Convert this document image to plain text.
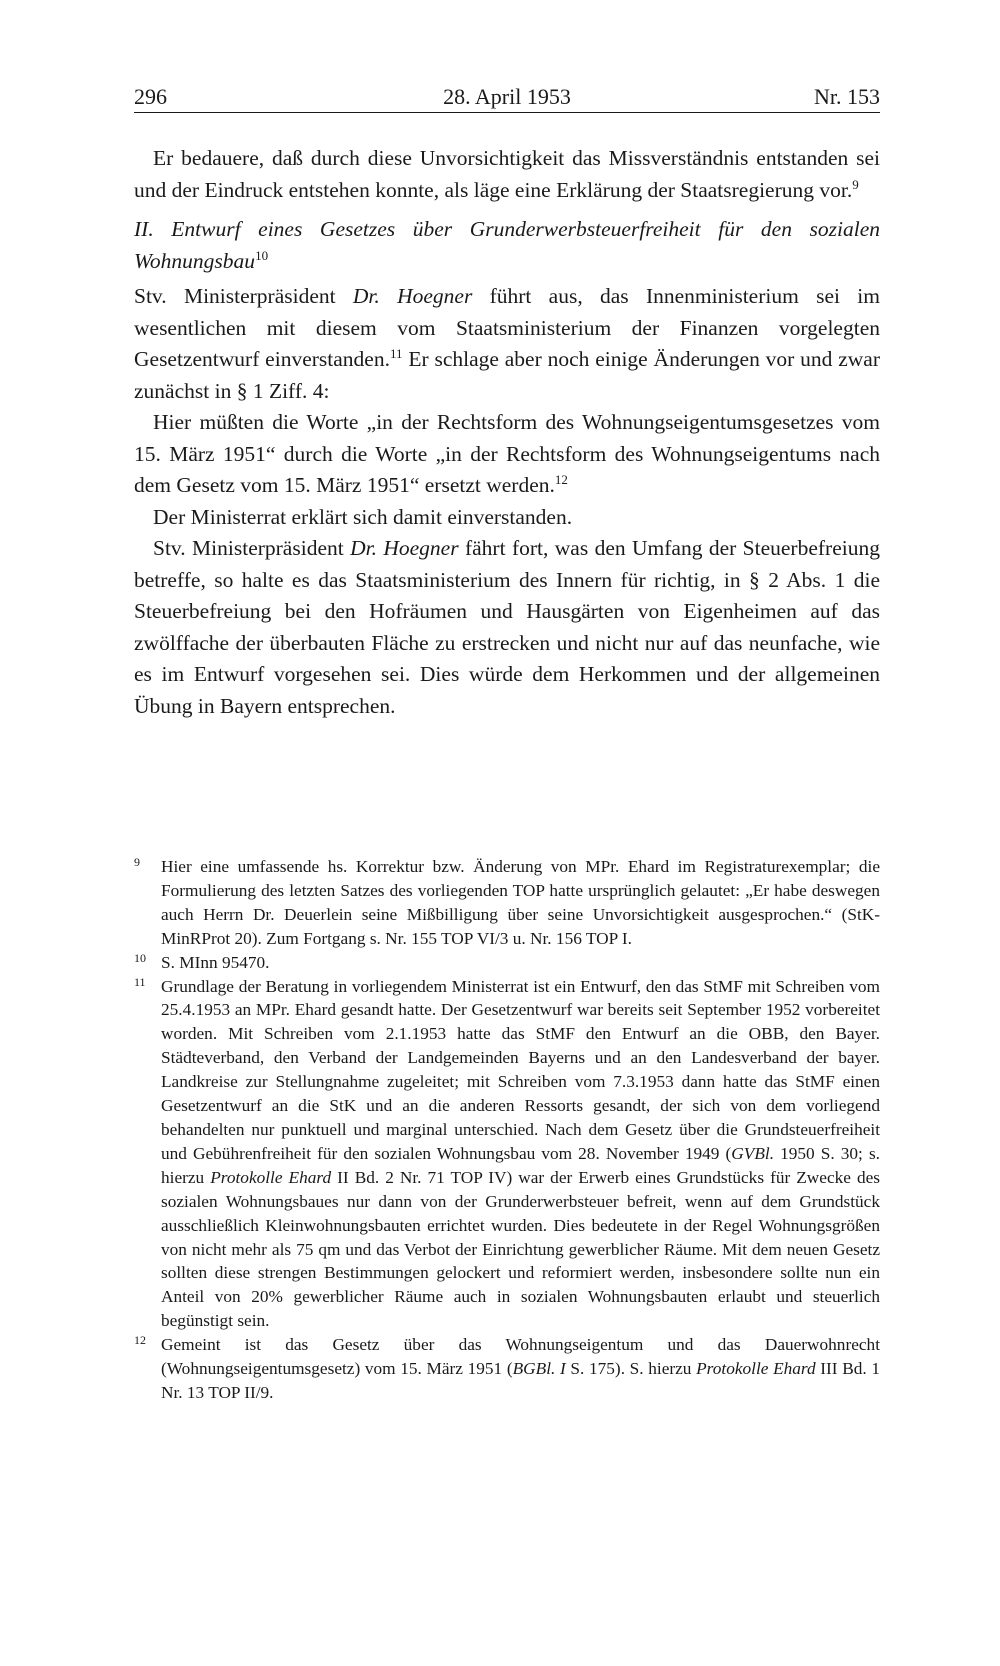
296	28. April 1953	Nr. 153

Er bedauere, daß durch diese Unvorsichtigkeit das Missverständnis entstanden sei und der Eindruck entstehen konnte, als läge eine Erklärung der Staatsregierung vor.$^9$

II. Entwurf eines Gesetzes über Grunderwerbsteuerfreiheit für den sozialen Wohnungsbau$^{10}$

Stv. Ministerpräsident Dr. Hoegner führt aus, das Innenministerium sei im wesentlichen mit diesem vom Staatsministerium der Finanzen vorgelegten Gesetzentwurf einverstanden.$^{11}$ Er schlage aber noch einige Änderungen vor und zwar zunächst in § 1 Ziff. 4:

Hier müßten die Worte „in der Rechtsform des Wohnungseigentumsgesetzes vom 15. März 1951“ durch die Worte „in der Rechtsform des Wohnungseigentums nach dem Gesetz vom 15. März 1951“ ersetzt werden.$^{12}$

Der Ministerrat erklärt sich damit einverstanden.

Stv. Ministerpräsident Dr. Hoegner fährt fort, was den Umfang der Steuerbefreiung betreffe, so halte es das Staatsministerium des Innern für richtig, in § 2 Abs. 1 die Steuerbefreiung bei den Hofräumen und Hausgärten von Eigenheimen auf das zwölffache der überbauten Fläche zu erstrecken und nicht nur auf das neunfache, wie es im Entwurf vorgesehen sei. Dies würde dem Herkommen und der allgemeinen Übung in Bayern entsprechen.

9 Hier eine umfassende hs. Korrektur bzw. Änderung von MPr. Ehard im Registraturexemplar; die Formulierung des letzten Satzes des vorliegenden TOP hatte ursprünglich gelautet: „Er habe deswegen auch Herrn Dr. Deuerlein seine Mißbilligung über seine Unvorsichtigkeit ausgesprochen.“ (StK-MinRProt 20). Zum Fortgang s. Nr. 155 TOP VI/3 u. Nr. 156 TOP I.

10 S. MInn 95470.

11 Grundlage der Beratung in vorliegendem Ministerrat ist ein Entwurf, den das StMF mit Schreiben vom 25.4.1953 an MPr. Ehard gesandt hatte. Der Gesetzentwurf war bereits seit September 1952 vorbereitet worden. Mit Schreiben vom 2.1.1953 hatte das StMF den Entwurf an die OBB, den Bayer. Städteverband, den Verband der Landgemeinden Bayerns und an den Landesverband der bayer. Landkreise zur Stellungnahme zugeleitet; mit Schreiben vom 7.3.1953 dann hatte das StMF einen Gesetzentwurf an die StK und an die anderen Ressorts gesandt, der sich von dem vorliegend behandelten nur punktuell und marginal unterschied. Nach dem Gesetz über die Grundsteuerfreiheit und Gebührenfreiheit für den sozialen Wohnungsbau vom 28. November 1949 (GVBl. 1950 S. 30; s. hierzu Protokolle Ehard II Bd. 2 Nr. 71 TOP IV) war der Erwerb eines Grundstücks für Zwecke des sozialen Wohnungsbaues nur dann von der Grunderwerbsteuer befreit, wenn auf dem Grundstück ausschließlich Kleinwohnungsbauten errichtet wurden. Dies bedeutete in der Regel Wohnungsgrößen von nicht mehr als 75 qm und das Verbot der Einrichtung gewerblicher Räume. Mit dem neuen Gesetz sollten diese strengen Bestimmungen gelockert und reformiert werden, insbesondere sollte nun ein Anteil von 20% gewerblicher Räume auch in sozialen Wohnungsbauten erlaubt und steuerlich begünstigt sein.

12 Gemeint ist das Gesetz über das Wohnungseigentum und das Dauerwohnrecht (Wohnungseigentumsgesetz) vom 15. März 1951 (BGBl. I S. 175). S. hierzu Protokolle Ehard III Bd. 1 Nr. 13 TOP II/9.
